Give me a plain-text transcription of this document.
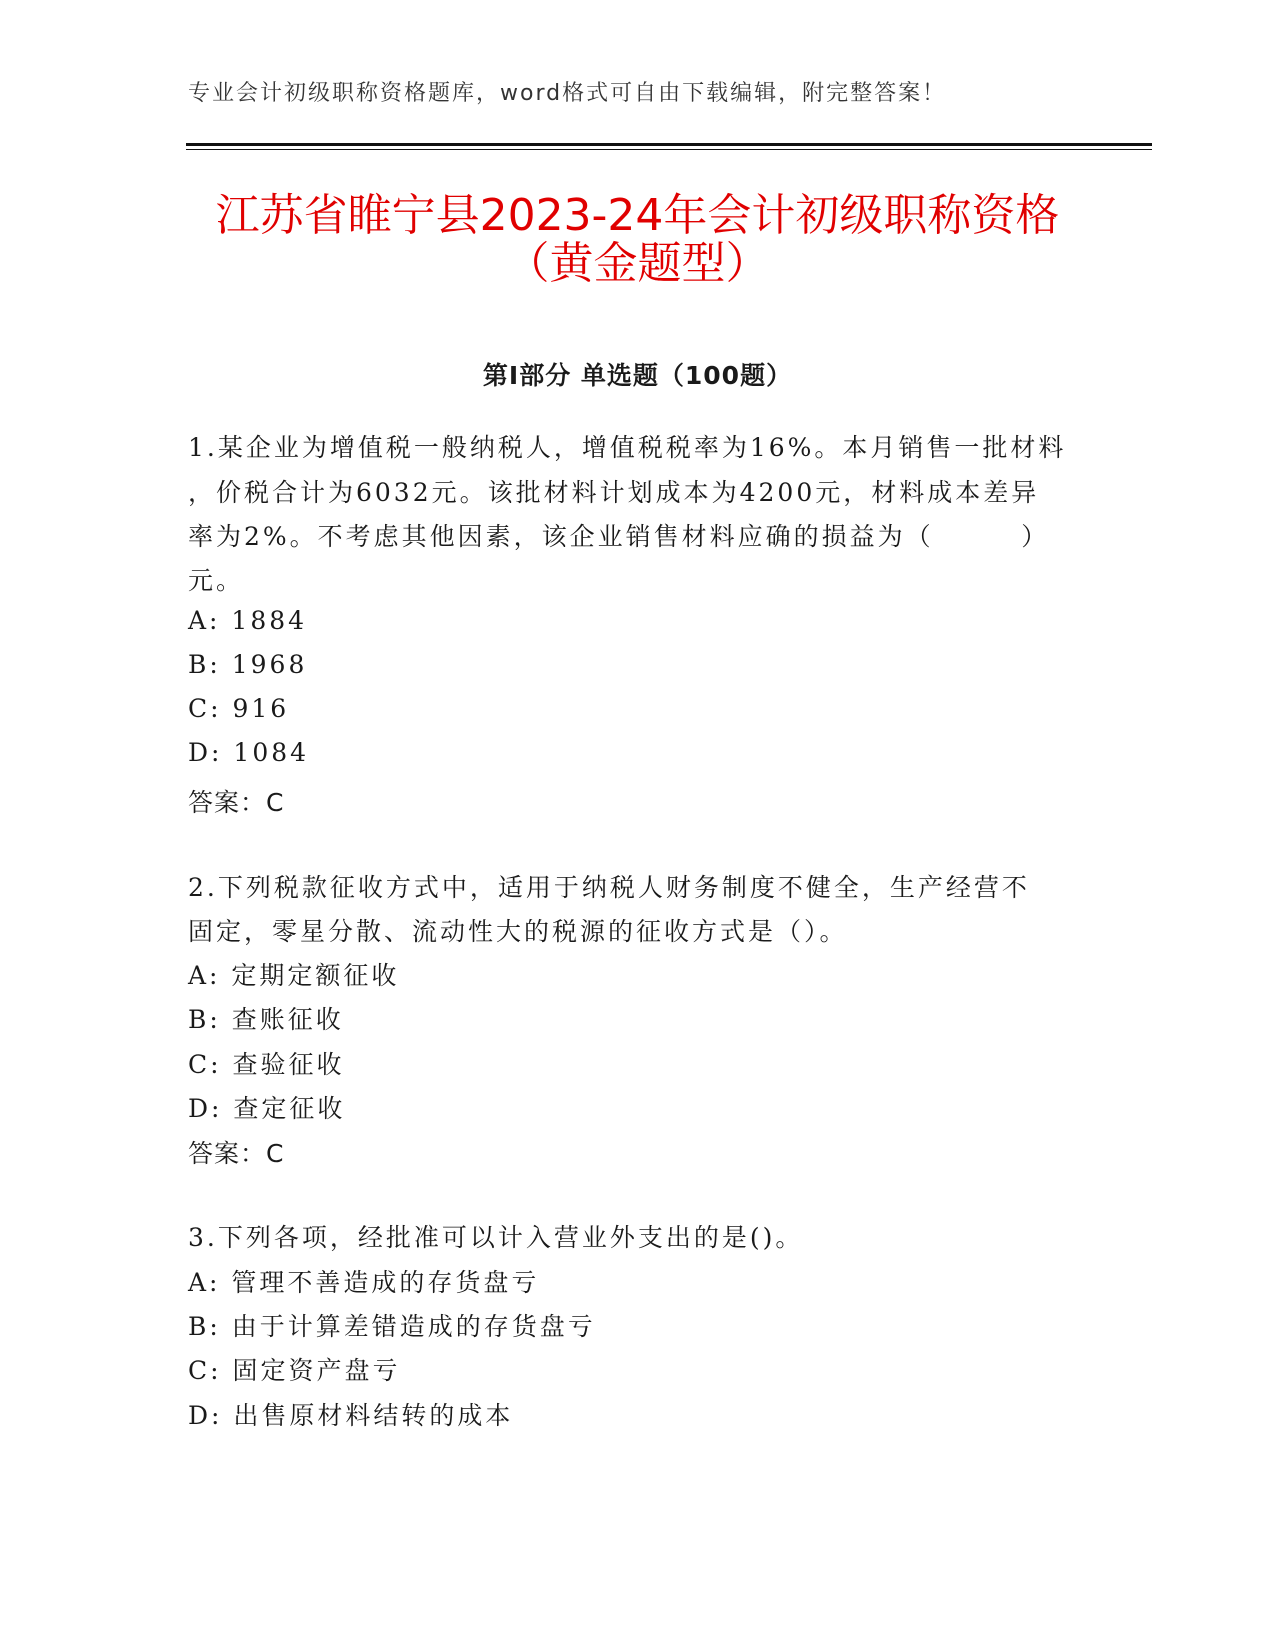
专业会计初级职称资格题库，word格式可自由下载编辑，附完整答案！
江苏省睢宁县2023-24年会计初级职称资格
（黄金题型）
第Ⅰ部分 单选题（100题）
1.某企业为增值税一般纳税人，增值税税率为16%。本月销售一批材料
，价税合计为6032元。该批材料计划成本为4200元，材料成本差异
率为2%。不考虑其他因素，该企业销售材料应确的损益为（        ）
元。
A: 1884
B: 1968
C: 916
D: 1084
答案：C
2.下列税款征收方式中，适用于纳税人财务制度不健全，生产经营不
固定，零星分散、流动性大的税源的征收方式是（）。
A: 定期定额征收
B: 查账征收
C: 查验征收
D: 查定征收
答案：C
3.下列各项，经批准可以计入营业外支出的是()。
A: 管理不善造成的存货盘亏
B: 由于计算差错造成的存货盘亏
C: 固定资产盘亏
D: 出售原材料结转的成本
